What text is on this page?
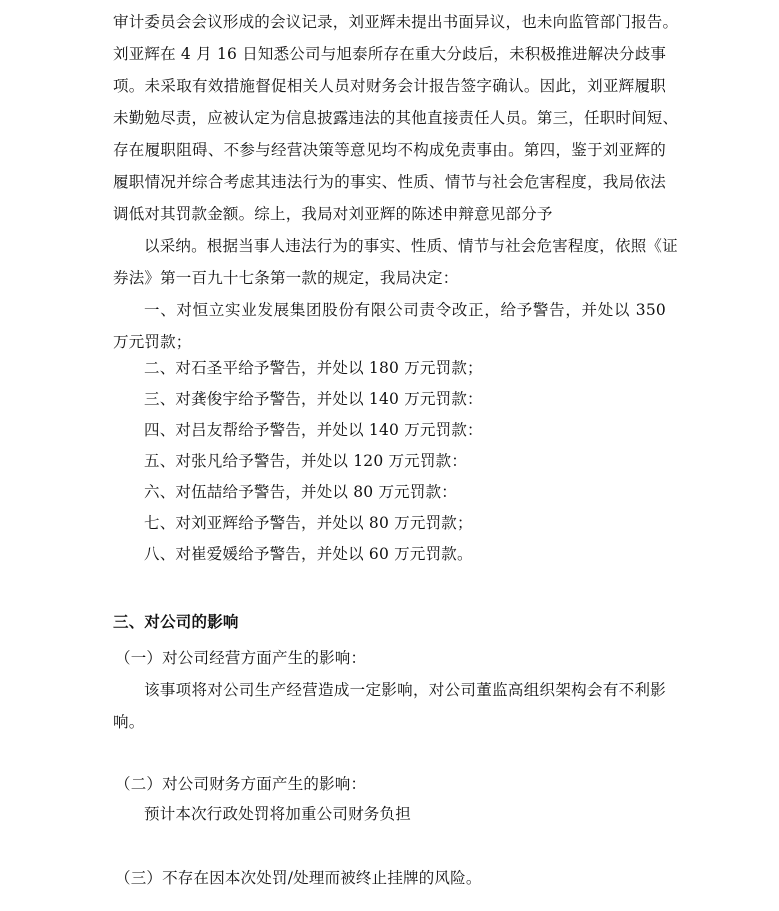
审计委员会会议形成的会议记录，刘亚辉未提出书面异议，也未向监管部门报告。
刘亚辉在 4 月 16 日知悉公司与旭泰所存在重大分歧后，未积极推进解决分歧事
项。未采取有效措施督促相关人员对财务会计报告签字确认。因此，刘亚辉履职
未勤勉尽责，应被认定为信息披露违法的其他直接责任人员。第三，任职时间短、
存在履职阻碍、不参与经营决策等意见均不构成免责事由。第四，鉴于刘亚辉的
履职情况并综合考虑其违法行为的事实、性质、情节与社会危害程度，我局依法
调低对其罚款金额。综上，我局对刘亚辉的陈述申辩意见部分予
以采纳。根据当事人违法行为的事实、性质、情节与社会危害程度，依照《证
券法》第一百九十七条第一款的规定，我局决定：
一、对恒立实业发展集团股份有限公司责令改正，给予警告，并处以 350
万元罚款；
二、对石圣平给予警告，并处以 180 万元罚款；
三、对龚俊宇给予警告，并处以 140 万元罚款：
四、对吕友帮给予警告，并处以 140 万元罚款：
五、对张凡给予警告，并处以 120 万元罚款：
六、对伍喆给予警告，并处以 80 万元罚款：
七、对刘亚辉给予警告，并处以 80 万元罚款；
八、对崔爱媛给予警告，并处以 60 万元罚款。
三、对公司的影响
（一）对公司经营方面产生的影响：
该事项将对公司生产经营造成一定影响，对公司董监高组织架构会有不利影
响。
（二）对公司财务方面产生的影响：
预计本次行政处罚将加重公司财务负担
（三）不存在因本次处罚/处理而被终止挂牌的风险。
